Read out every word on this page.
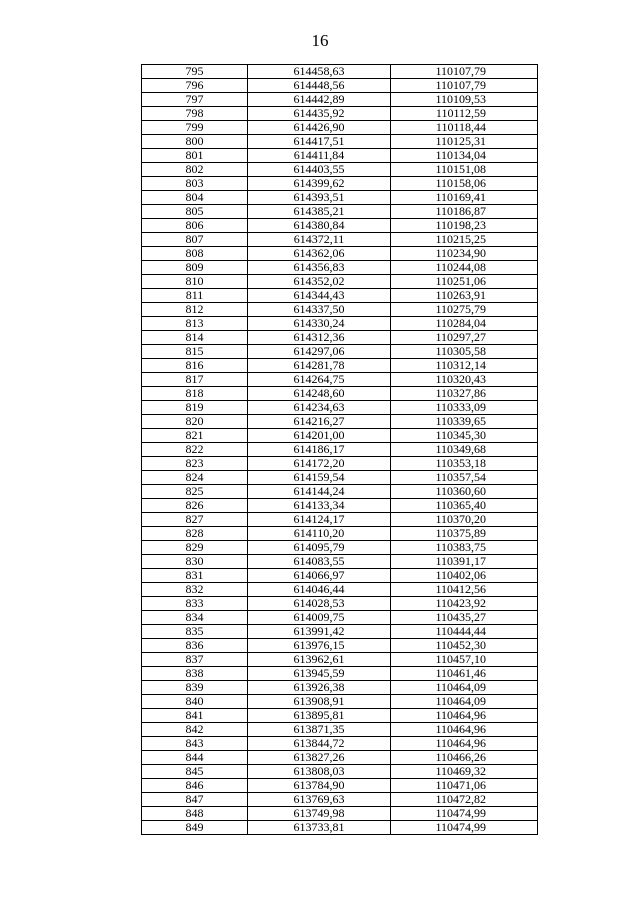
16
795	614458,63	110107,79
796	614448,56	110107,79
797	614442,89	110109,53
798	614435,92	110112,59
799	614426,90	110118,44
800	614417,51	110125,31
801	614411,84	110134,04
802	614403,55	110151,08
803	614399,62	110158,06
804	614393,51	110169,41
805	614385,21	110186,87
806	614380,84	110198,23
807	614372,11	110215,25
808	614362,06	110234,90
809	614356,83	110244,08
810	614352,02	110251,06
811	614344,43	110263,91
812	614337,50	110275,79
813	614330,24	110284,04
814	614312,36	110297,27
815	614297,06	110305,58
816	614281,78	110312,14
817	614264,75	110320,43
818	614248,60	110327,86
819	614234,63	110333,09
820	614216,27	110339,65
821	614201,00	110345,30
822	614186,17	110349,68
823	614172,20	110353,18
824	614159,54	110357,54
825	614144,24	110360,60
826	614133,34	110365,40
827	614124,17	110370,20
828	614110,20	110375,89
829	614095,79	110383,75
830	614083,55	110391,17
831	614066,97	110402,06
832	614046,44	110412,56
833	614028,53	110423,92
834	614009,75	110435,27
835	613991,42	110444,44
836	613976,15	110452,30
837	613962,61	110457,10
838	613945,59	110461,46
839	613926,38	110464,09
840	613908,91	110464,09
841	613895,81	110464,96
842	613871,35	110464,96
843	613844,72	110464,96
844	613827,26	110466,26
845	613808,03	110469,32
846	613784,90	110471,06
847	613769,63	110472,82
848	613749,98	110474,99
849	613733,81	110474,99
